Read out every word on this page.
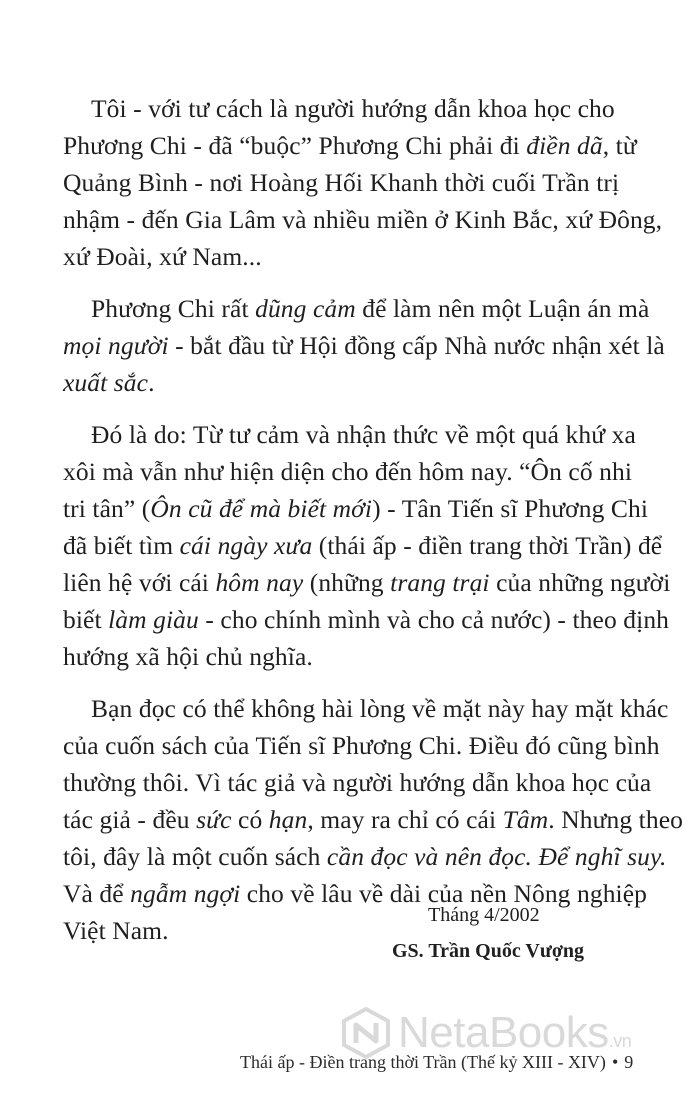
Tôi - với tư cách là người hướng dẫn khoa học cho
Phương Chi - đã “buộc” Phương Chi phải đi điền dã, từ
Quảng Bình - nơi Hoàng Hối Khanh thời cuối Trần trị
nhậm - đến Gia Lâm và nhiều miền ở Kinh Bắc, xứ Đông,
xứ Đoài, xứ Nam...

Phương Chi rất dũng cảm để làm nên một Luận án mà
mọi người - bắt đầu từ Hội đồng cấp Nhà nước nhận xét là
xuất sắc.

Đó là do: Từ tư cảm và nhận thức về một quá khứ xa
xôi mà vẫn như hiện diện cho đến hôm nay. “Ôn cố nhi
tri tân” (Ôn cũ để mà biết mới) - Tân Tiến sĩ Phương Chi
đã biết tìm cái ngày xưa (thái ấp - điền trang thời Trần) để
liên hệ với cái hôm nay (những trang trại của những người
biết làm giàu - cho chính mình và cho cả nước) - theo định
hướng xã hội chủ nghĩa.

Bạn đọc có thể không hài lòng về mặt này hay mặt khác
của cuốn sách của Tiến sĩ Phương Chi. Điều đó cũng bình
thường thôi. Vì tác giả và người hướng dẫn khoa học của
tác giả - đều sức có hạn, may ra chỉ có cái Tâm. Nhưng theo
tôi, đây là một cuốn sách cần đọc và nên đọc. Để nghĩ suy.
Và để ngẫm ngợi cho về lâu về dài của nền Nông nghiệp
Việt Nam.

Tháng 4/2002
GS. Trần Quốc Vượng
NetaBooks.vn
Thái ấp - Điền trang thời Trần (Thế kỷ XIII - XIV) • 9
